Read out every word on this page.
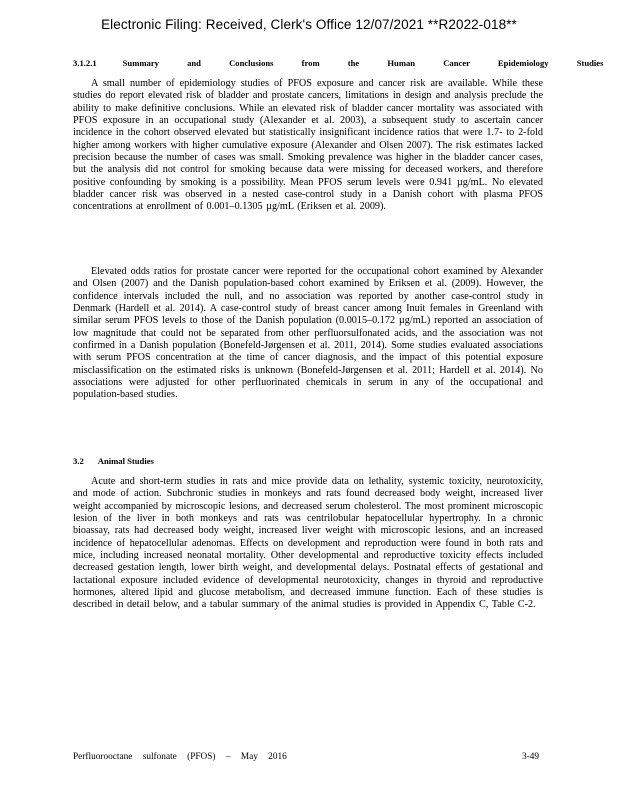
Electronic Filing: Received, Clerk's Office 12/07/2021 **R2022-018**
3.1.2.1	Summary and Conclusions from the Human Cancer Epidemiology Studies

A small number of epidemiology studies of PFOS exposure and cancer risk are available. While these studies do report elevated risk of bladder and prostate cancers, limitations in design and analysis preclude the ability to make definitive conclusions. While an elevated risk of bladder cancer mortality was associated with PFOS exposure in an occupational study (Alexander et al. 2003), a subsequent study to ascertain cancer incidence in the cohort observed elevated but statistically insignificant incidence ratios that were 1.7- to 2-fold higher among workers with higher cumulative exposure (Alexander and Olsen 2007). The risk estimates lacked precision because the number of cases was small. Smoking prevalence was higher in the bladder cancer cases, but the analysis did not control for smoking because data were missing for deceased workers, and therefore positive confounding by smoking is a possibility. Mean PFOS serum levels were 0.941 µg/mL. No elevated bladder cancer risk was observed in a nested case-control study in a Danish cohort with plasma PFOS concentrations at enrollment of 0.001–0.1305 µg/mL (Eriksen et al. 2009).

Elevated odds ratios for prostate cancer were reported for the occupational cohort examined by Alexander and Olsen (2007) and the Danish population-based cohort examined by Eriksen et al. (2009). However, the confidence intervals included the null, and no association was reported by another case-control study in Denmark (Hardell et al. 2014). A case-control study of breast cancer among Inuit females in Greenland with similar serum PFOS levels to those of the Danish population (0.0015–0.172 µg/mL) reported an association of low magnitude that could not be separated from other perfluorsulfonated acids, and the association was not confirmed in a Danish population (Bonefeld-Jørgensen et al. 2011, 2014). Some studies evaluated associations with serum PFOS concentration at the time of cancer diagnosis, and the impact of this potential exposure misclassification on the estimated risks is unknown (Bonefeld-Jørgensen et al. 2011; Hardell et al. 2014). No associations were adjusted for other perfluorinated chemicals in serum in any of the occupational and population-based studies.

3.2 Animal Studies

Acute and short-term studies in rats and mice provide data on lethality, systemic toxicity, neurotoxicity, and mode of action. Subchronic studies in monkeys and rats found decreased body weight, increased liver weight accompanied by microscopic lesions, and decreased serum cholesterol. The most prominent microscopic lesion of the liver in both monkeys and rats was centrilobular hepatocellular hypertrophy. In a chronic bioassay, rats had decreased body weight, increased liver weight with microscopic lesions, and an increased incidence of hepatocellular adenomas. Effects on development and reproduction were found in both rats and mice, including increased neonatal mortality. Other developmental and reproductive toxicity effects included decreased gestation length, lower birth weight, and developmental delays. Postnatal effects of gestational and lactational exposure included evidence of developmental neurotoxicity, changes in thyroid and reproductive hormones, altered lipid and glucose metabolism, and decreased immune function. Each of these studies is described in detail below, and a tabular summary of the animal studies is provided in Appendix C, Table C-2.

Perfluorooctane sulfonate (PFOS) – May 2016	3-49
